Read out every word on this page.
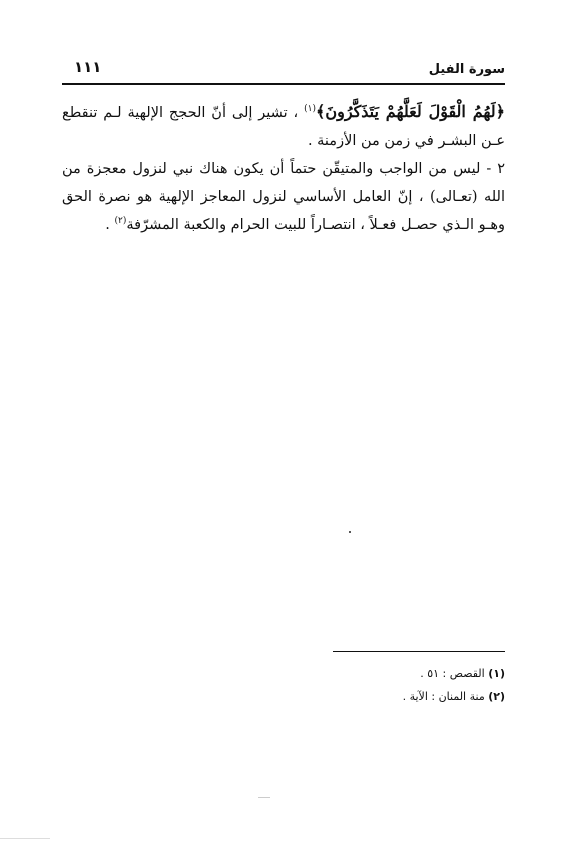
١١١	سورة الفيل

﴿لَهُمُ الْقَوْلَ لَعَلَّهُمْ يَتَذَكَّرُونَ﴾$^{(١)}$ ، تشير إلى أنّ الحجج الإلهية لـم تنقطع عـن البشـر في زمن من الأزمنة .

٢ - ليس من الواجب والمتيقّن حتماً أن يكون هناك نبي لنزول معجزة من الله (تعـالى) ، إنّ العامل الأساسي لنزول المعاجز الإلهية هو نصرة الحق وهـو الـذي حصـل فعـلاً ، انتصـاراً للبيت الحرام والكعبة المشرّفة$^{(٢)}$ .

(١) القصص : ٥١ .
(٢) منة المنان : الآية .
